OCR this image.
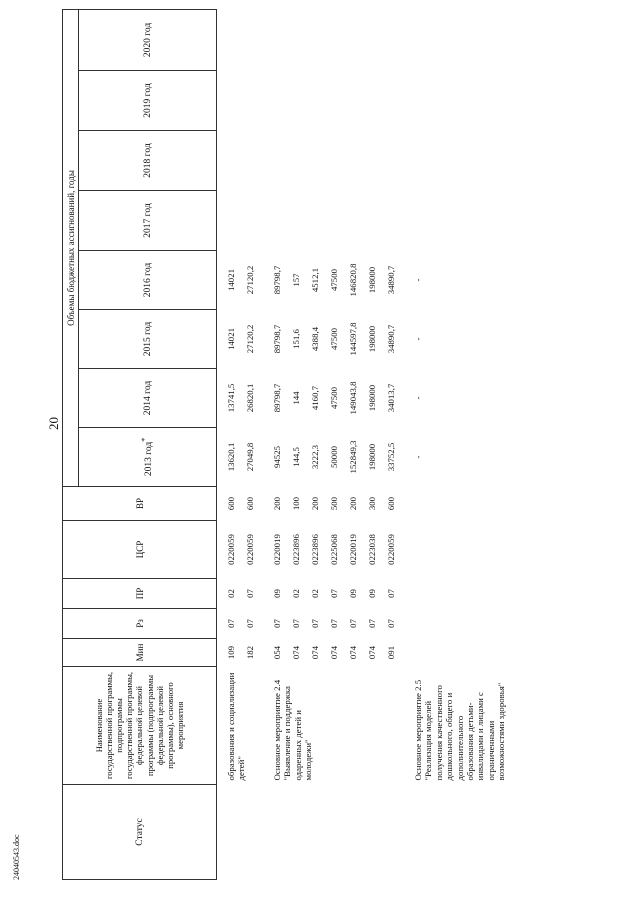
20
24040543.doc
Статус	Наименование государственной программы, подпрограммы государственной программы, федеральной целевой программы (подпрограммы федеральной целевой программы), основного мероприятия	Мин	Рз	ПР	ЦСР	ВР	Объемы бюджетных ассигнований, годы							
							2013 год*	2014 год	2015 год	2016 год	2017 год	2018 год	2019 год	2020 год

	образования и социализации детей"	109	07	02	0220059	600	13620,1	13741,5	14021	14021				
		182	07	07	0220059	600	27049,8	26820,1	27120,2	27120,2				

	Основное мероприятие 2.4 "Выявление и поддержка одаренных детей и молодежи"	054	07	09	0220019	200	94525	89798,7	89798,7	89798,7				
		074	07	02	0223896	100	144,5	144	151,6	157				
		074	07	02	0223896	200	3222,3	4160,7	4388,4	4512,1				
		074	07	07	0225068	500	50000	47500	47500	47500				
		074	07	09	0220019	200	152849,3	149043,8	144597,8	146820,8				
		074	07	09	0223038	300	198000	198000	198000	198000				
		091	07	07	0220059	600	33752,5	34013,7	34890,7	34890,7				

	Основное мероприятие 2.5 "Реализация моделей получения качественного дошкольного, общего и дополнительного образования детьми-инвалидами и лицами с ограниченными возможностями здоровья"						-	-	-	-				
